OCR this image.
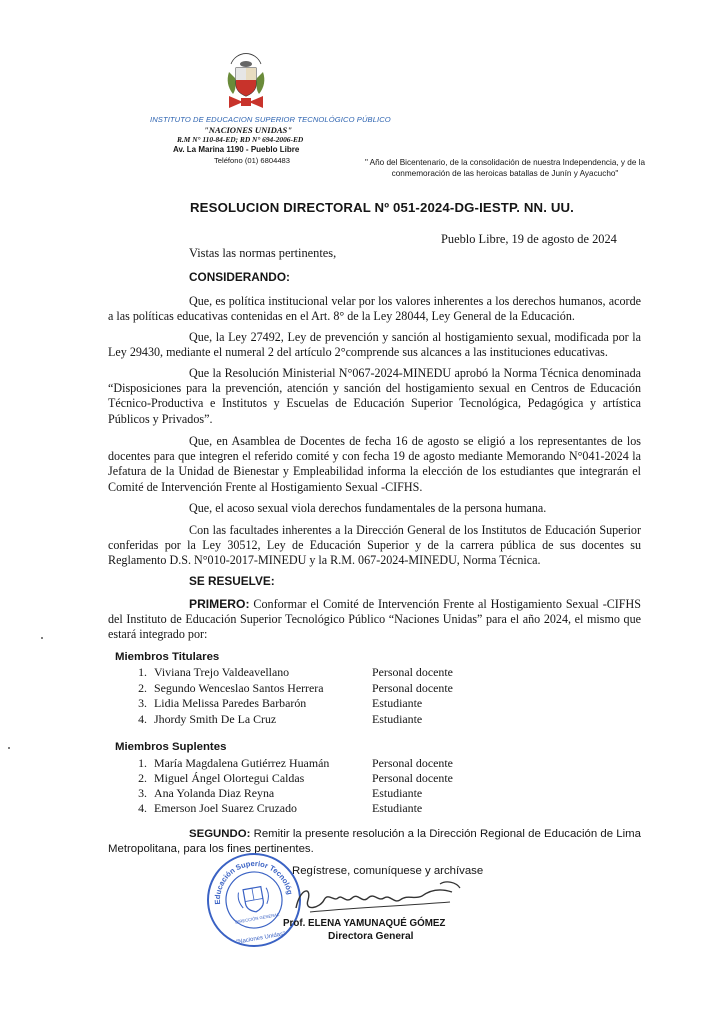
INSTITUTO DE EDUCACION SUPERIOR TECNOLÓGICO PÚBLICO
"NACIONES UNIDAS"
R.M N° 110-84-ED; RD N° 694-2006-ED
Av. La Marina 1190 - Pueblo Libre
Teléfono (01) 6804483	" Año del Bicentenario, de la consolidación de nuestra Independencia, y de la conmemoración de las heroicas batallas de Junín y Ayacucho"
RESOLUCION DIRECTORAL Nº 051-2024-DG-IESTP. NN. UU.
Pueblo Libre, 19 de agosto de 2024
Vistas las normas pertinentes,
CONSIDERANDO:
Que, es política institucional velar por los valores inherentes a los derechos humanos, acorde a las políticas educativas contenidas en el Art. 8° de la Ley 28044, Ley General de la Educación.
Que, la Ley 27492, Ley de prevención y sanción al hostigamiento sexual, modificada por la Ley 29430, mediante el numeral 2 del artículo 2°comprende sus alcances a las instituciones educativas.
Que la Resolución Ministerial N°067-2024-MINEDU aprobó la Norma Técnica denominada “Disposiciones para la prevención, atención y sanción del hostigamiento sexual en Centros de Educación Técnico-Productiva e Institutos y Escuelas de Educación Superior Tecnológica, Pedagógica y artística Públicos y Privados”.
Que, en Asamblea de Docentes de fecha 16 de agosto se eligió a los representantes de los docentes para que integren el referido comité y con fecha 19 de agosto mediante Memorando N°041-2024 la Jefatura de la Unidad de Bienestar y Empleabilidad informa la elección de los estudiantes que integrarán el Comité de Intervención Frente al Hostigamiento Sexual -CIFHS.
Que, el acoso sexual viola derechos fundamentales de la persona humana.
Con las facultades inherentes a la Dirección General de los Institutos de Educación Superior conferidas por la Ley 30512, Ley de Educación Superior y de la carrera pública de sus docentes su Reglamento D.S. N°010-2017-MINEDU y la R.M. 067-2024-MINEDU, Norma Técnica.
SE RESUELVE:
PRIMERO: Conformar el Comité de Intervención Frente al Hostigamiento Sexual -CIFHS del Instituto de Educación Superior Tecnológico Público “Naciones Unidas” para el año 2024, el mismo que estará integrado por:
Miembros Titulares
1. Viviana Trejo Valdeavellano	Personal docente
2. Segundo Wenceslao Santos Herrera	Personal docente
3. Lidia Melissa Paredes Barbarón	Estudiante
4. Jhordy Smith De La Cruz	Estudiante
Miembros Suplentes
1. María Magdalena Gutiérrez Huamán	Personal docente
2. Miguel Ángel Olortegui Caldas	Personal docente
3. Ana Yolanda Diaz Reyna	Estudiante
4. Emerson Joel Suarez Cruzado	Estudiante
SEGUNDO: Remitir la presente resolución a la Dirección Regional de Educación de Lima Metropolitana, para los fines pertinentes.
Instituto de Educación Superior Tecnológico Público
DIRECCIÓN GENERAL
"Naciones Unidas"
Regístrese, comuníquese y archívase
Prof. ELENA YAMUNAQUÉ GÓMEZ
Directora General
